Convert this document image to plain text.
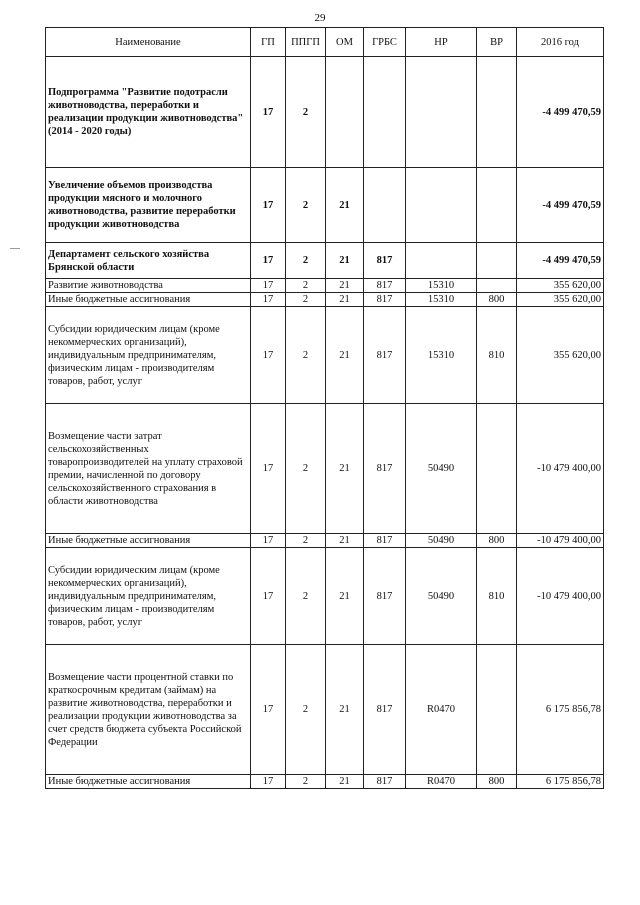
29
Наименование	ГП	ППГП	ОМ	ГРБС	НР	ВР	2016 год
Подпрограмма "Развитие подотрасли животноводства, переработки и реализации продукции животноводства" (2014 - 2020 годы)	17	2					-4 499 470,59
Увеличение объемов производства продукции мясного и молочного животноводства, развитие переработки продукции животноводства	17	2	21				-4 499 470,59
Департамент сельского хозяйства Брянской области	17	2	21	817			-4 499 470,59
Развитие животноводства	17	2	21	817	15310		355 620,00
Иные бюджетные ассигнования	17	2	21	817	15310	800	355 620,00
Субсидии юридическим лицам (кроме некоммерческих организаций), индивидуальным предпринимателям, физическим лицам - производителям товаров, работ, услуг	17	2	21	817	15310	810	355 620,00
Возмещение части затрат сельскохозяйственных товаропроизводителей на уплату страховой премии, начисленной по договору сельскохозяйственного страхования в области животноводства	17	2	21	817	50490		-10 479 400,00
Иные бюджетные ассигнования	17	2	21	817	50490	800	-10 479 400,00
Субсидии юридическим лицам (кроме некоммерческих организаций), индивидуальным предпринимателям, физическим лицам - производителям товаров, работ, услуг	17	2	21	817	50490	810	-10 479 400,00
Возмещение части процентной ставки по краткосрочным кредитам (займам) на развитие животноводства, переработки и реализации продукции животноводства за счет средств бюджета субъекта Российской Федерации	17	2	21	817	R0470		6 175 856,78
Иные бюджетные ассигнования	17	2	21	817	R0470	800	6 175 856,78
